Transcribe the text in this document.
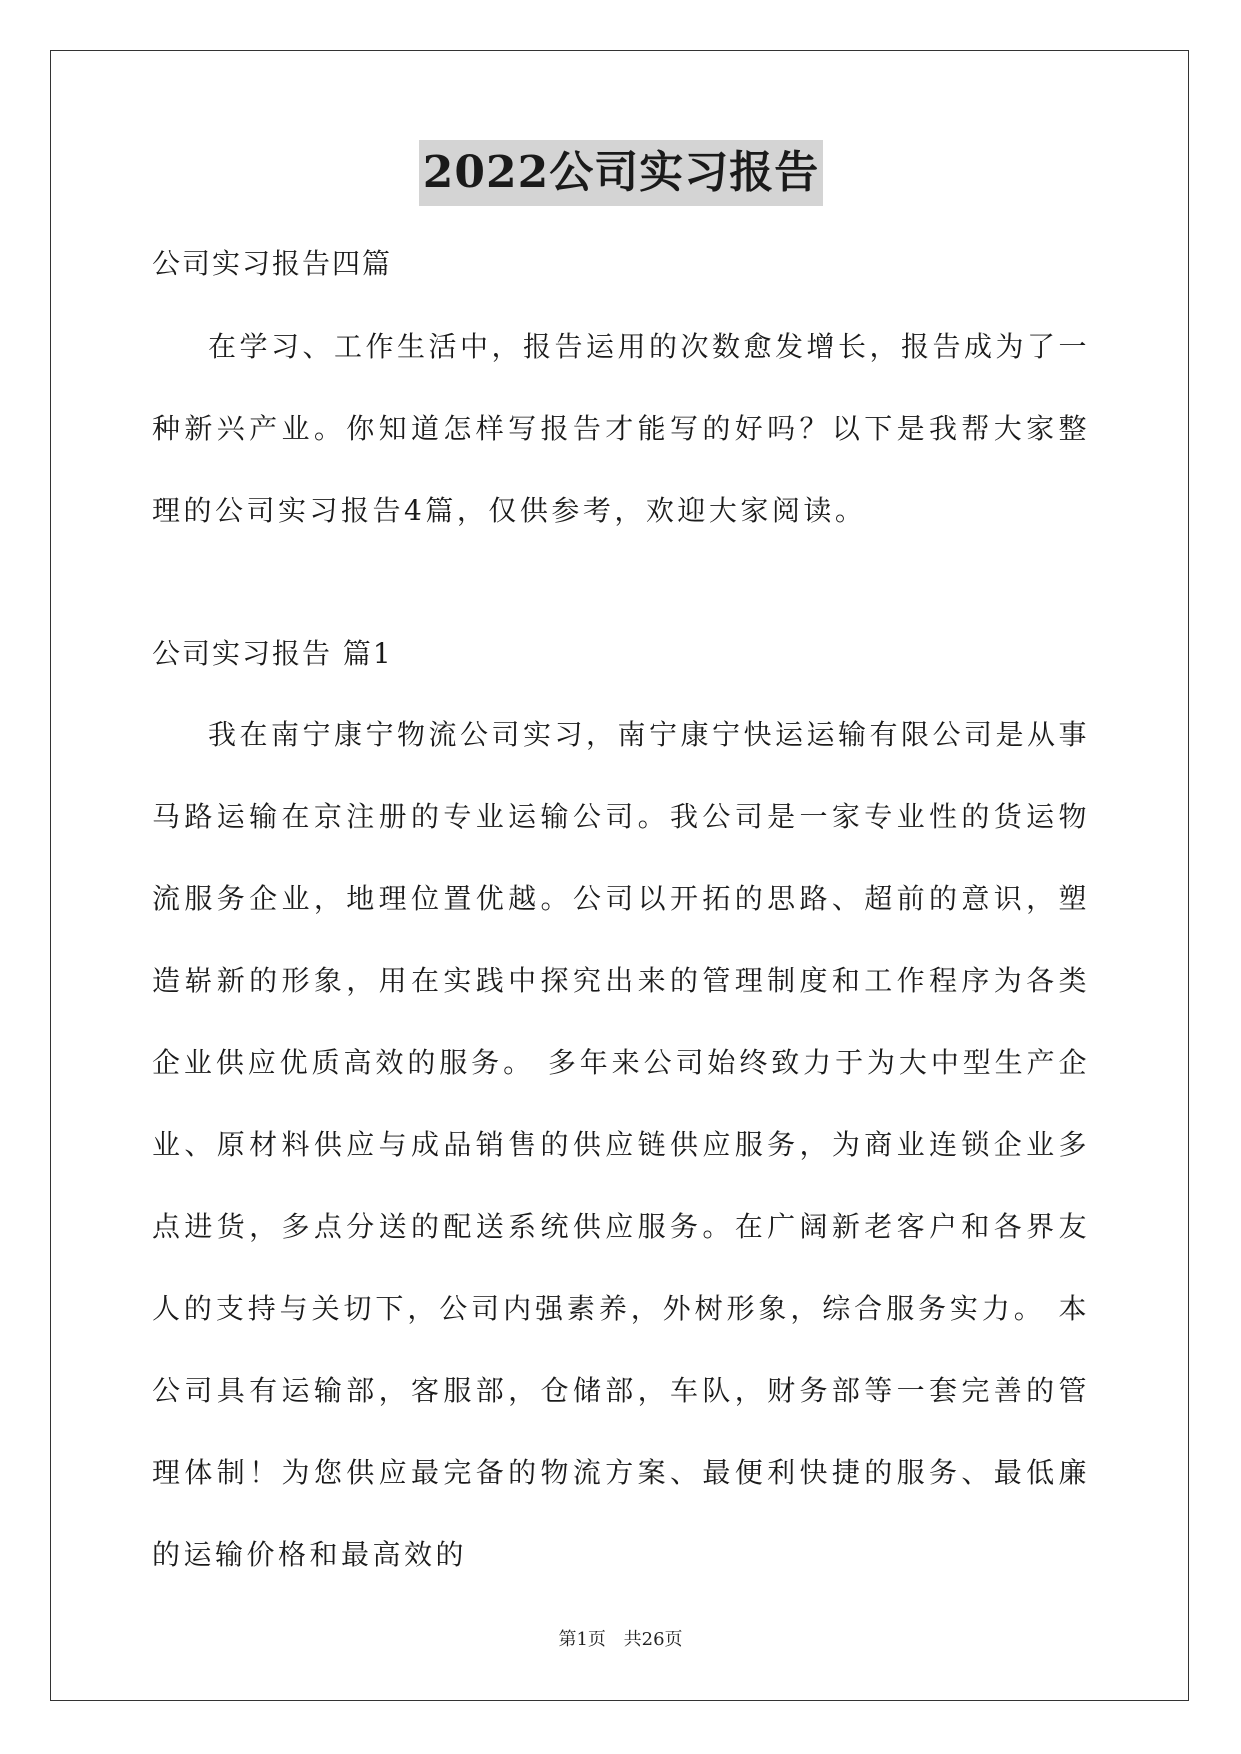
2022公司实习报告
公司实习报告四篇

在学习、工作生活中，报告运用的次数愈发增长，报告成为了一种新兴产业。你知道怎样写报告才能写的好吗？以下是我帮大家整理的公司实习报告4篇，仅供参考，欢迎大家阅读。

公司实习报告 篇1

我在南宁康宁物流公司实习，南宁康宁快运运输有限公司是从事马路运输在京注册的专业运输公司。我公司是一家专业性的货运物流服务企业，地理位置优越。公司以开拓的思路、超前的意识，塑造崭新的形象，用在实践中探究出来的管理制度和工作程序为各类企业供应优质高效的服务。 多年来公司始终致力于为大中型生产企业、原材料供应与成品销售的供应链供应服务，为商业连锁企业多点进货，多点分送的配送系统供应服务。在广阔新老客户和各界友人的支持与关切下，公司内强素养，外树形象，综合服务实力。 本公司具有运输部，客服部，仓储部，车队，财务部等一套完善的管理体制！为您供应最完备的物流方案、最便利快捷的服务、最低廉的运输价格和最高效的

第1页 共26页
